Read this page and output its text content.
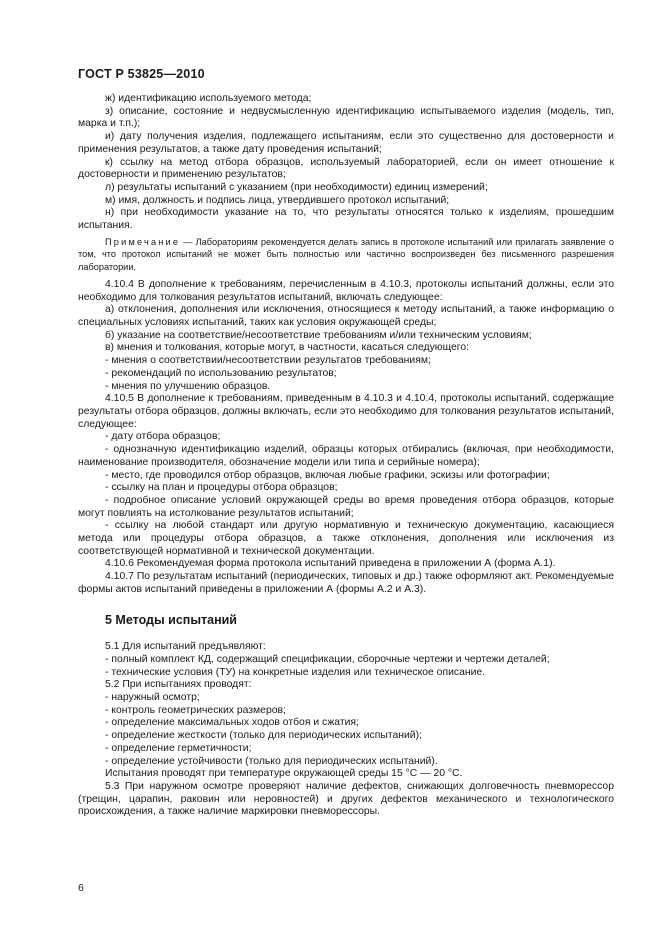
ГОСТ Р 53825—2010

ж) идентификацию используемого метода;

з) описание, состояние и недвусмысленную идентификацию испытываемого изделия (модель, тип, марка и т.п.);

и) дату получения изделия, подлежащего испытаниям, если это существенно для достоверности и применения результатов, а также дату проведения испытаний;

к) ссылку на метод отбора образцов, используемый лабораторией, если он имеет отношение к достоверности и применению результатов;

л) результаты испытаний с указанием (при необходимости) единиц измерений;

м) имя, должность и подпись лица, утвердившего протокол испытаний;

н) при необходимости указание на то, что результаты относятся только к изделиям, прошедшим испытания.

Примечание — Лабораториям рекомендуется делать запись в протоколе испытаний или прилагать заявление о том, что протокол испытаний не может быть полностью или частично воспроизведен без письменного разрешения лаборатории.

4.10.4 В дополнение к требованиям, перечисленным в 4.10.3, протоколы испытаний должны, если это необходимо для толкования результатов испытаний, включать следующее:

а) отклонения, дополнения или исключения, относящиеся к методу испытаний, а также информацию о специальных условиях испытаний, таких как условия окружающей среды;

б) указание на соответствие/несоответствие требованиям и/или техническим условиям;

в) мнения и толкования, которые могут, в частности, касаться следующего:

- мнения о соответствии/несоответствии результатов требованиям;

- рекомендаций по использованию результатов;

- мнения по улучшению образцов.

4.10.5 В дополнение к требованиям, приведенным в 4.10.3 и 4.10.4, протоколы испытаний, содержащие результаты отбора образцов, должны включать, если это необходимо для толкования результатов испытаний, следующее:

- дату отбора образцов;

- однозначную идентификацию изделий, образцы которых отбирались (включая, при необходимости, наименование производителя, обозначение модели или типа и серийные номера);

- место, где проводился отбор образцов, включая любые графики, эскизы или фотографии;

- ссылку на план и процедуры отбора образцов;

- подробное описание условий окружающей среды во время проведения отбора образцов, которые могут повлиять на истолкование результатов испытаний;

- ссылку на любой стандарт или другую нормативную и техническую документацию, касающиеся метода или процедуры отбора образцов, а также отклонения, дополнения или исключения из соответствующей нормативной и технической документации.

4.10.6 Рекомендуемая форма протокола испытаний приведена в приложении А (форма А.1).

4.10.7 По результатам испытаний (периодических, типовых и др.) также оформляют акт. Рекомендуемые формы актов испытаний приведены в приложении А (формы А.2 и А.3).

5 Методы испытаний

5.1 Для испытаний предъявляют:

- полный комплект КД, содержащий спецификации, сборочные чертежи и чертежи деталей;

- технические условия (ТУ) на конкретные изделия или техническое описание.

5.2 При испытаниях проводят:

- наружный осмотр;

- контроль геометрических размеров;

- определение максимальных ходов отбоя и сжатия;

- определение жесткости (только для периодических испытаний);

- определение герметичности;

- определение устойчивости (только для периодических испытаний).

Испытания проводят при температуре окружающей среды 15 °С — 20 °С.

5.3 При наружном осмотре проверяют наличие дефектов, снижающих долговечность пневморессор (трещин, царапин, раковин или неровностей) и других дефектов механического и технологического происхождения, а также наличие маркировки пневморессоры.

6
